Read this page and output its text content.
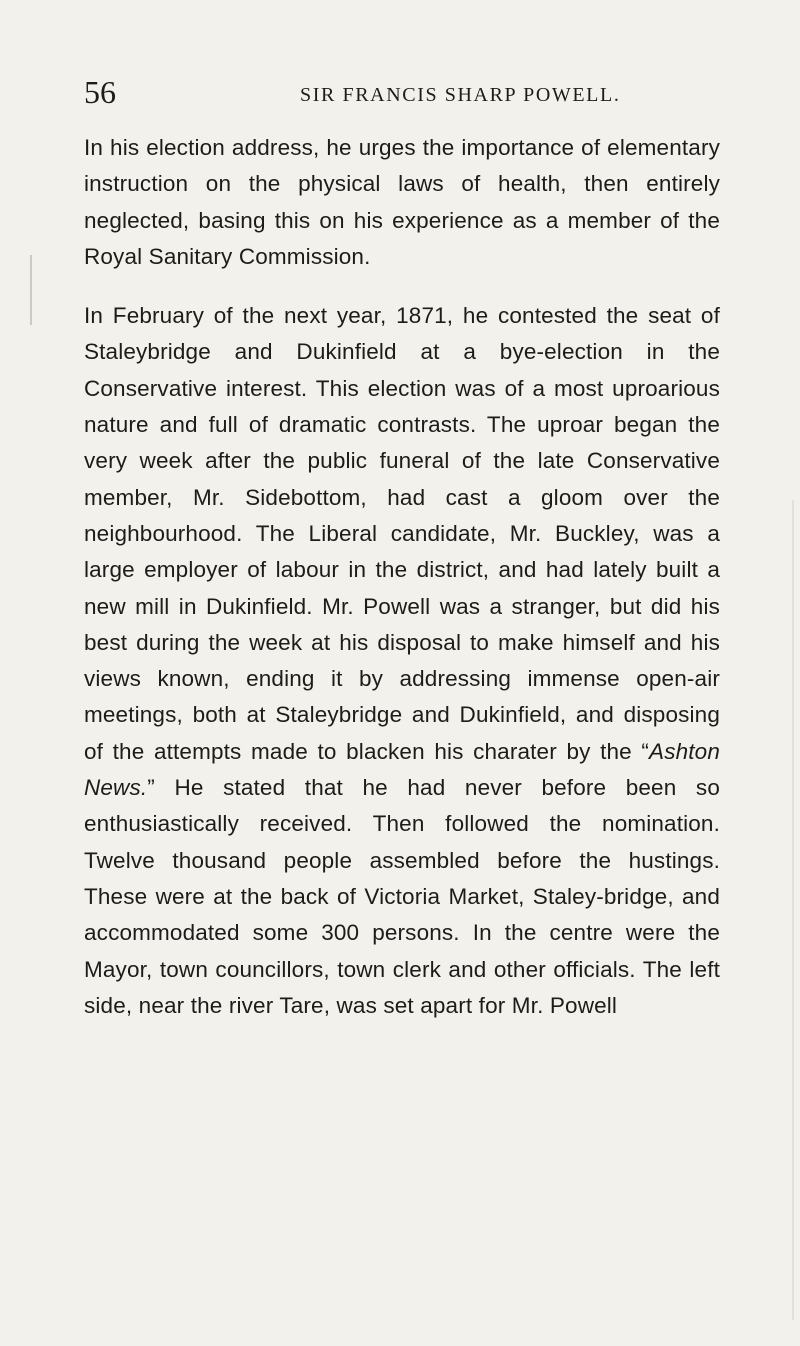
56	SIR FRANCIS SHARP POWELL.

In his election address, he urges the importance of elementary instruction on the physical laws of health, then entirely neglected, basing this on his experience as a member of the Royal Sanitary Commission.

In February of the next year, 1871, he contested the seat of Staleybridge and Dukinfield at a bye-election in the Conservative interest. This election was of a most uproarious nature and full of dramatic contrasts. The uproar began the very week after the public funeral of the late Conservative member, Mr. Sidebottom, had cast a gloom over the neighbourhood. The Liberal candidate, Mr. Buckley, was a large employer of labour in the district, and had lately built a new mill in Dukinfield. Mr. Powell was a stranger, but did his best during the week at his disposal to make himself and his views known, ending it by addressing immense open-air meetings, both at Staleybridge and Dukinfield, and disposing of the attempts made to blacken his charater by the “Ashton News.” He stated that he had never before been so enthusiastically received. Then followed the nomination. Twelve thousand people assembled before the hustings. These were at the back of Victoria Market, Staley-bridge, and accommodated some 300 persons. In the centre were the Mayor, town councillors, town clerk and other officials. The left side, near the river Tare, was set apart for Mr. Powell
